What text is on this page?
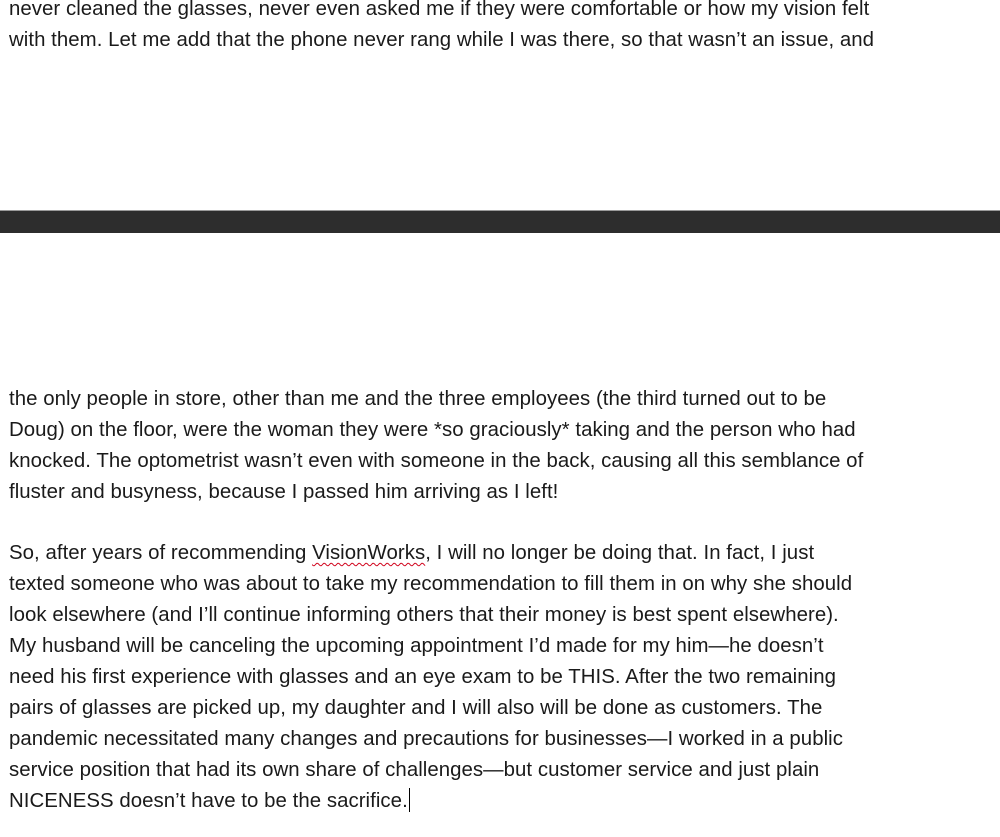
never cleaned the glasses, never even asked me if they were comfortable or how my vision felt
with them. Let me add that the phone never rang while I was there, so that wasn’t an issue, and
the only people in store, other than me and the three employees (the third turned out to be
Doug) on the floor, were the woman they were *so graciously* taking and the person who had
knocked. The optometrist wasn’t even with someone in the back, causing all this semblance of
fluster and busyness, because I passed him arriving as I left!
So, after years of recommending VisionWorks, I will no longer be doing that. In fact, I just
texted someone who was about to take my recommendation to fill them in on why she should
look elsewhere (and I’ll continue informing others that their money is best spent elsewhere).
My husband will be canceling the upcoming appointment I’d made for my him—he doesn’t
need his first experience with glasses and an eye exam to be THIS. After the two remaining
pairs of glasses are picked up, my daughter and I will also will be done as customers. The
pandemic necessitated many changes and precautions for businesses—I worked in a public
service position that had its own share of challenges—but customer service and just plain
NICENESS doesn’t have to be the sacrifice.
